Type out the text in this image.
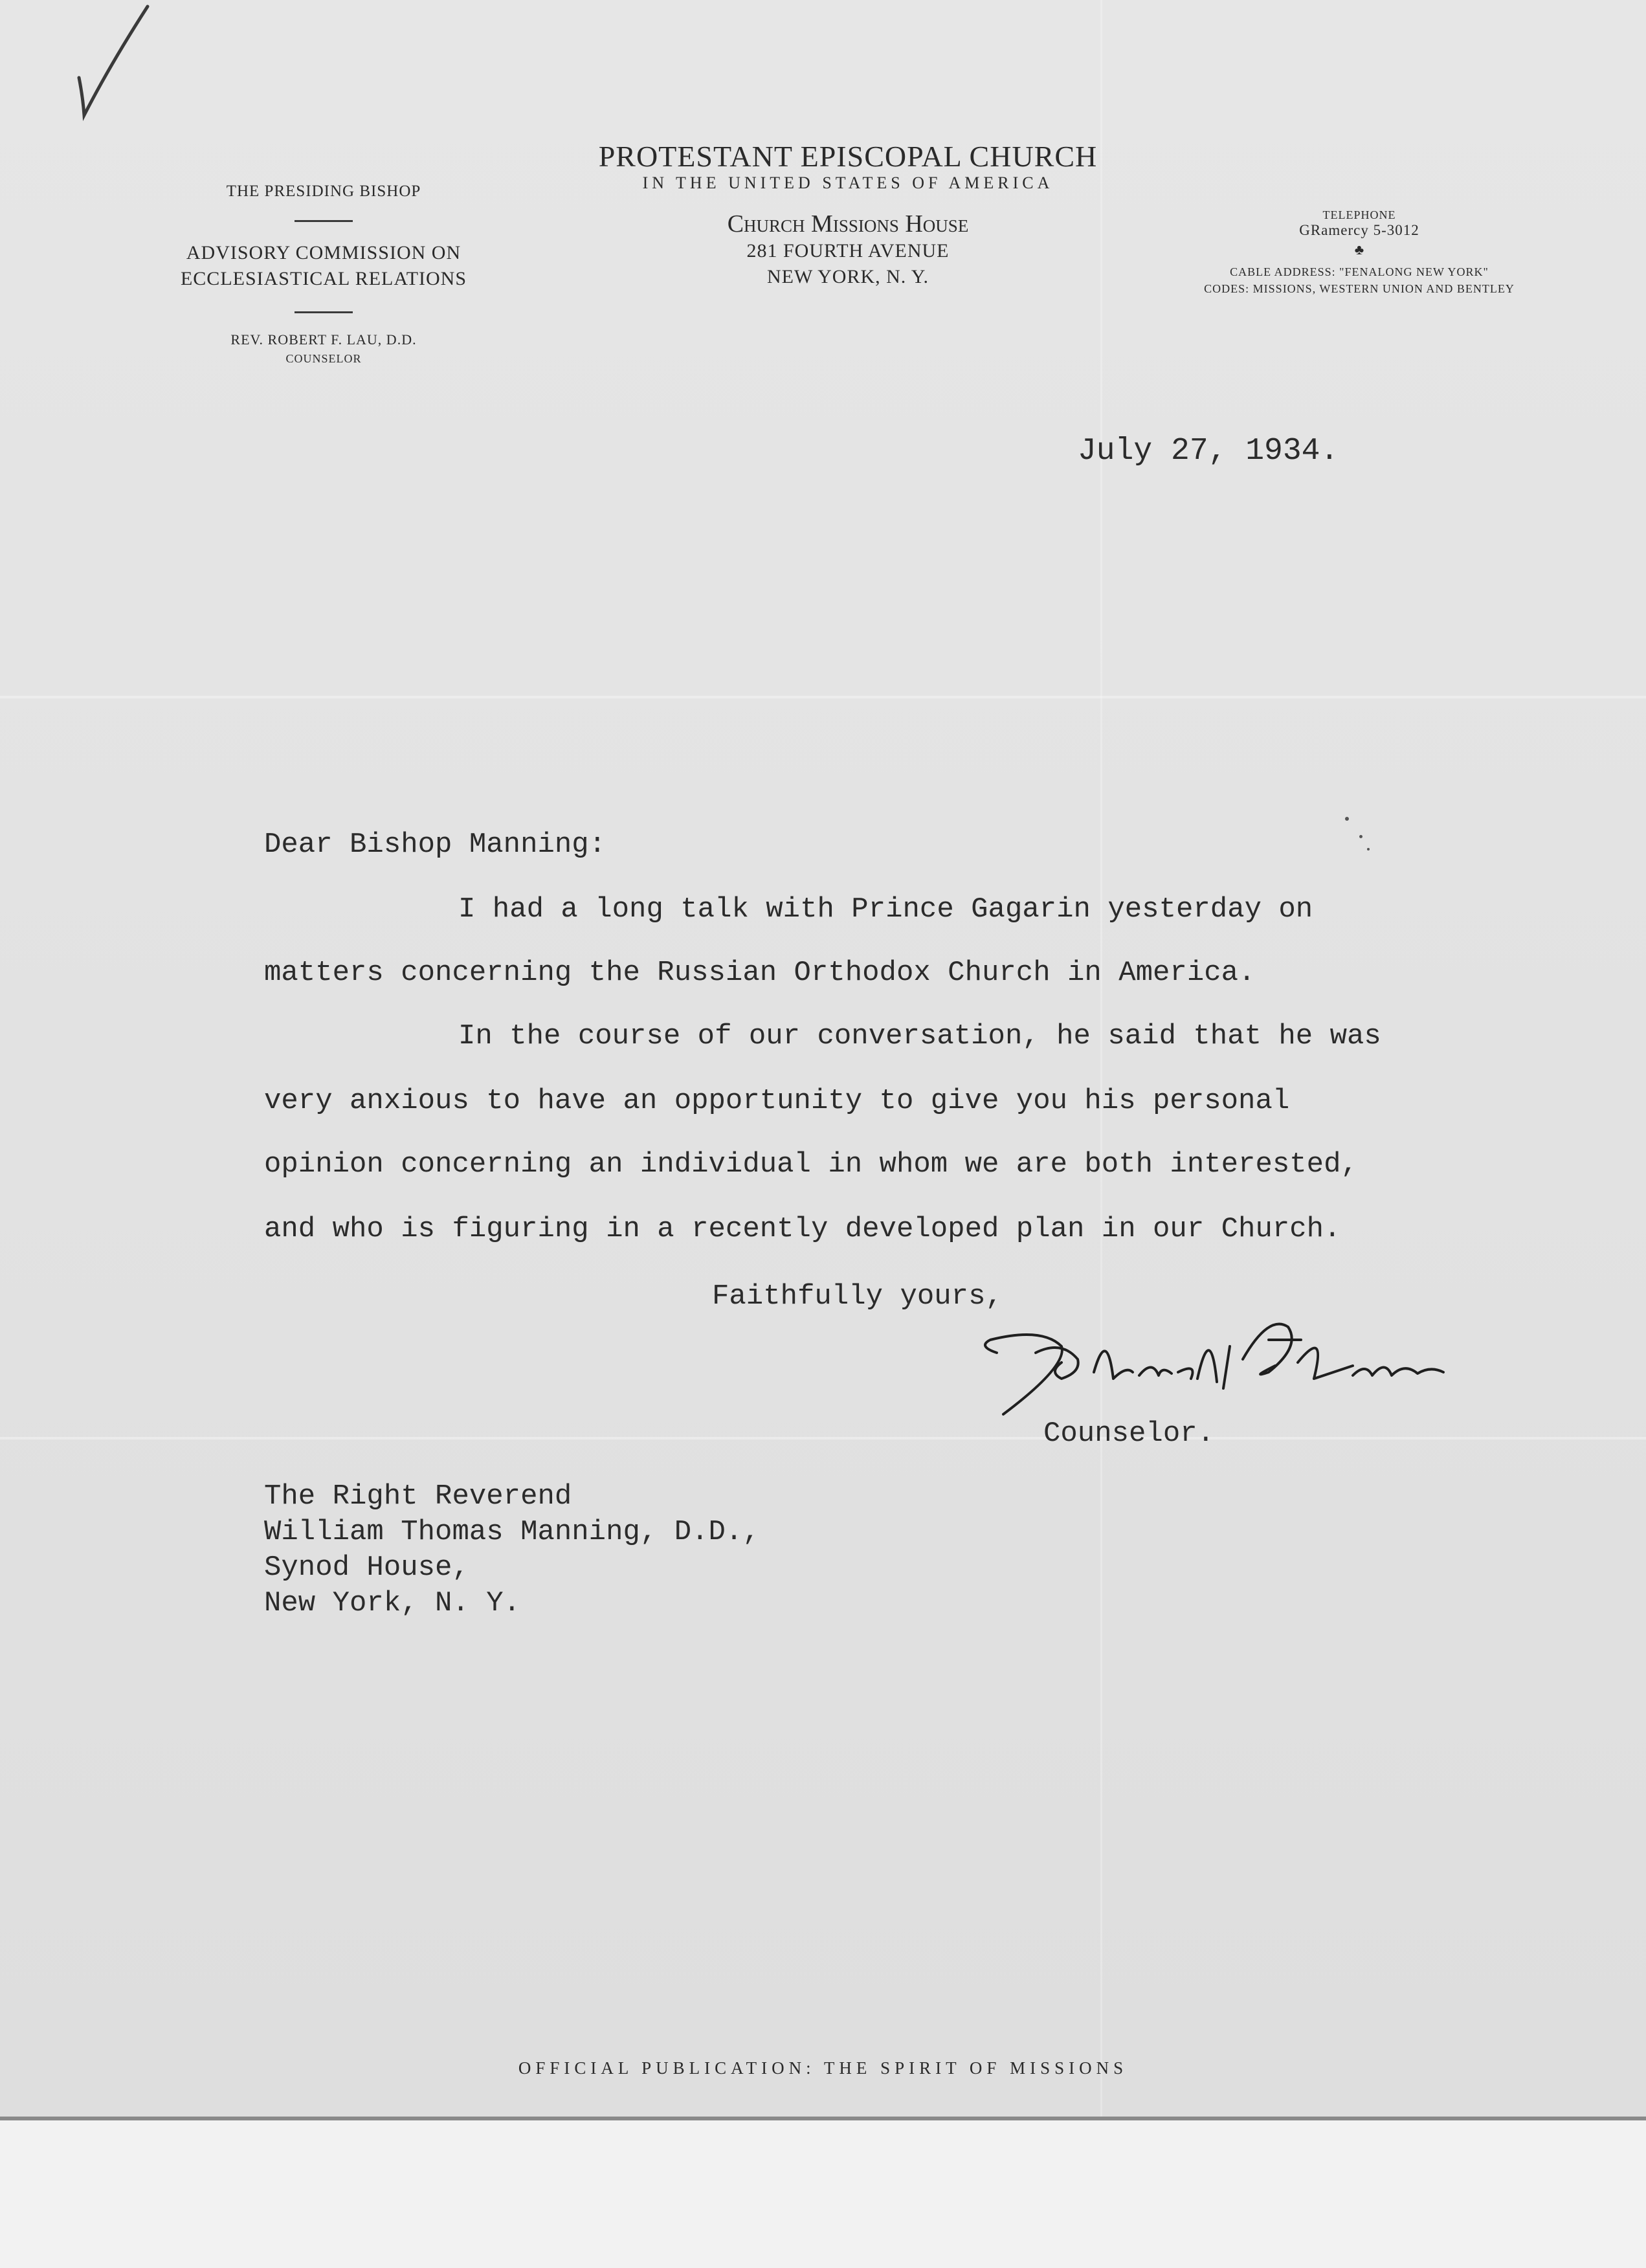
THE PRESIDING BISHOP
ADVISORY COMMISSION ON
ECCLESIASTICAL RELATIONS
REV. ROBERT F. LAU, D.D.
COUNSELOR
PROTESTANT EPISCOPAL CHURCH
IN THE UNITED STATES OF AMERICA
Church Missions House
281 FOURTH AVENUE
NEW YORK, N. Y.
TELEPHONE
GRamercy 5-3012
♣
CABLE ADDRESS: "FENALONG NEW YORK"
CODES: MISSIONS, WESTERN UNION AND BENTLEY
July 27, 1934.
Dear Bishop Manning:
I had a long talk with Prince Gagarin yesterday on
matters concerning the Russian Orthodox Church in America.
In the course of our conversation, he said that he was
very anxious to have an opportunity to give you his personal
opinion concerning an individual in whom we are both interested,
and who is figuring in a recently developed plan in our Church.
Faithfully yours,
Counselor.
The Right Reverend
William Thomas Manning, D.D.,
Synod House,
New York, N. Y.
OFFICIAL PUBLICATION: THE SPIRIT OF MISSIONS
